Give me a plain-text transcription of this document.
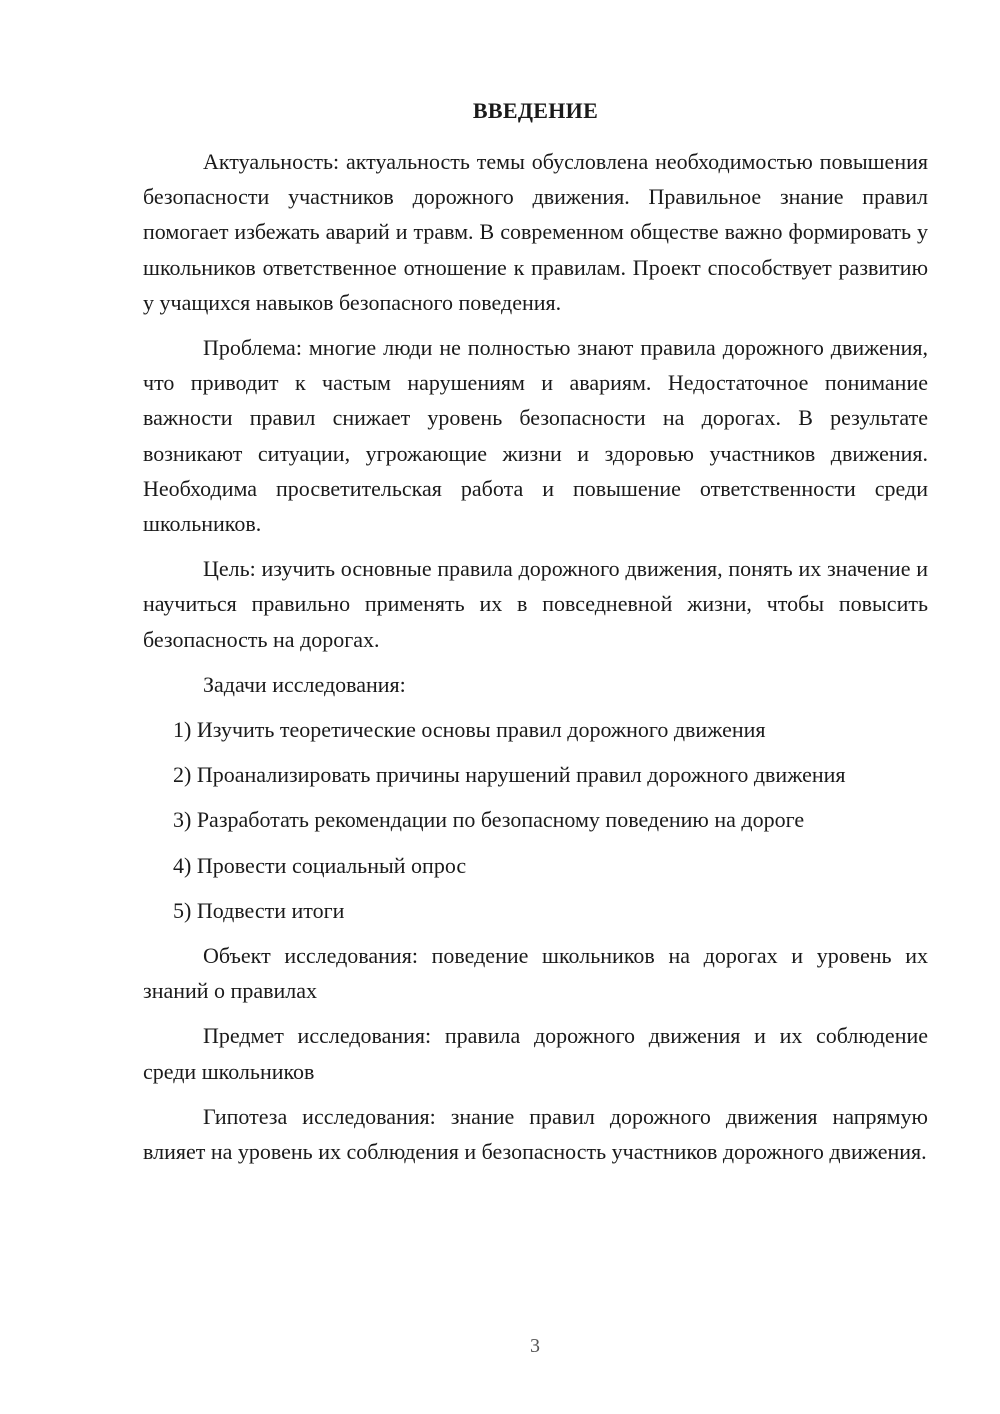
ВВЕДЕНИЕ

Актуальность: актуальность темы обусловлена необходимостью повышения безопасности участников дорожного движения. Правильное знание правил помогает избежать аварий и травм. В современном обществе важно формировать у школьников ответственное отношение к правилам. Проект способствует развитию у учащихся навыков безопасного поведения.

Проблема: многие люди не полностью знают правила дорожного движения, что приводит к частым нарушениям и авариям. Недостаточное понимание важности правил снижает уровень безопасности на дорогах. В результате возникают ситуации, угрожающие жизни и здоровью участников движения. Необходима просветительская работа и повышение ответственности среди школьников.

Цель: изучить основные правила дорожного движения, понять их значение и научиться правильно применять их в повседневной жизни, чтобы повысить безопасность на дорогах.

Задачи исследования:

1) Изучить теоретические основы правил дорожного движения

2) Проанализировать причины нарушений правил дорожного движения

3) Разработать рекомендации по безопасному поведению на дороге

4) Провести социальный опрос

5) Подвести итоги

Объект исследования: поведение школьников на дорогах и уровень их знаний о правилах

Предмет исследования: правила дорожного движения и их соблюдение среди школьников

Гипотеза исследования: знание правил дорожного движения напрямую влияет на уровень их соблюдения и безопасность участников дорожного движения.

3
